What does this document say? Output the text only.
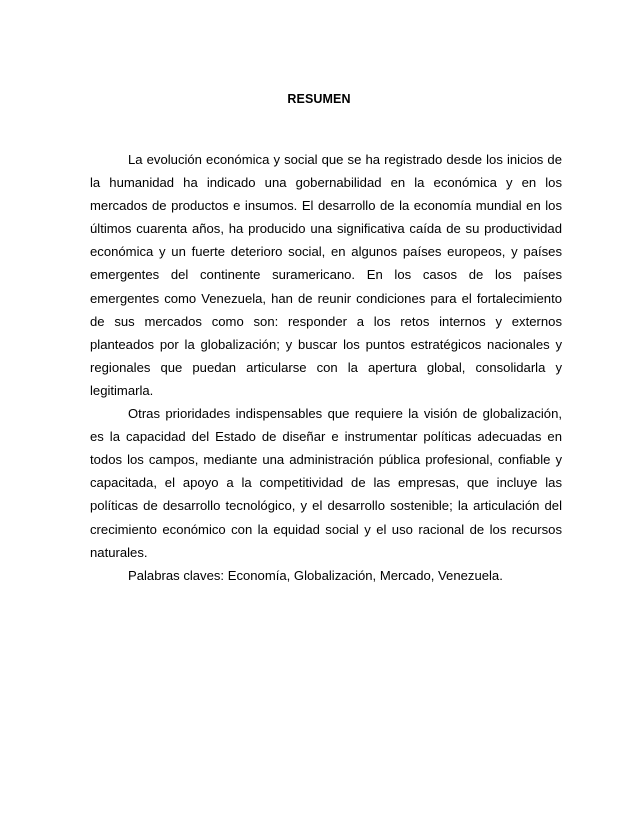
RESUMEN

La evolución económica y social que se ha registrado desde los inicios de la humanidad ha indicado una gobernabilidad en la económica y en los mercados de productos e insumos. El desarrollo de la economía mundial en los últimos cuarenta años, ha producido una significativa caída de su productividad económica y un fuerte deterioro social, en algunos países europeos, y países emergentes del continente suramericano. En los casos de los países emergentes como Venezuela, han de reunir condiciones para el fortalecimiento de sus mercados como son: responder a los retos internos y externos planteados por la globalización; y buscar los puntos estratégicos nacionales y regionales que puedan articularse con la apertura global, consolidarla y legitimarla.

Otras prioridades indispensables que requiere la visión de globalización, es la capacidad del Estado de diseñar e instrumentar políticas adecuadas en todos los campos, mediante una administración pública profesional, confiable y capacitada, el apoyo a la competitividad de las empresas, que incluye las políticas de desarrollo tecnológico, y el desarrollo sostenible; la articulación del crecimiento económico con la equidad social y el uso racional de los recursos naturales.

Palabras claves: Economía, Globalización, Mercado, Venezuela.
